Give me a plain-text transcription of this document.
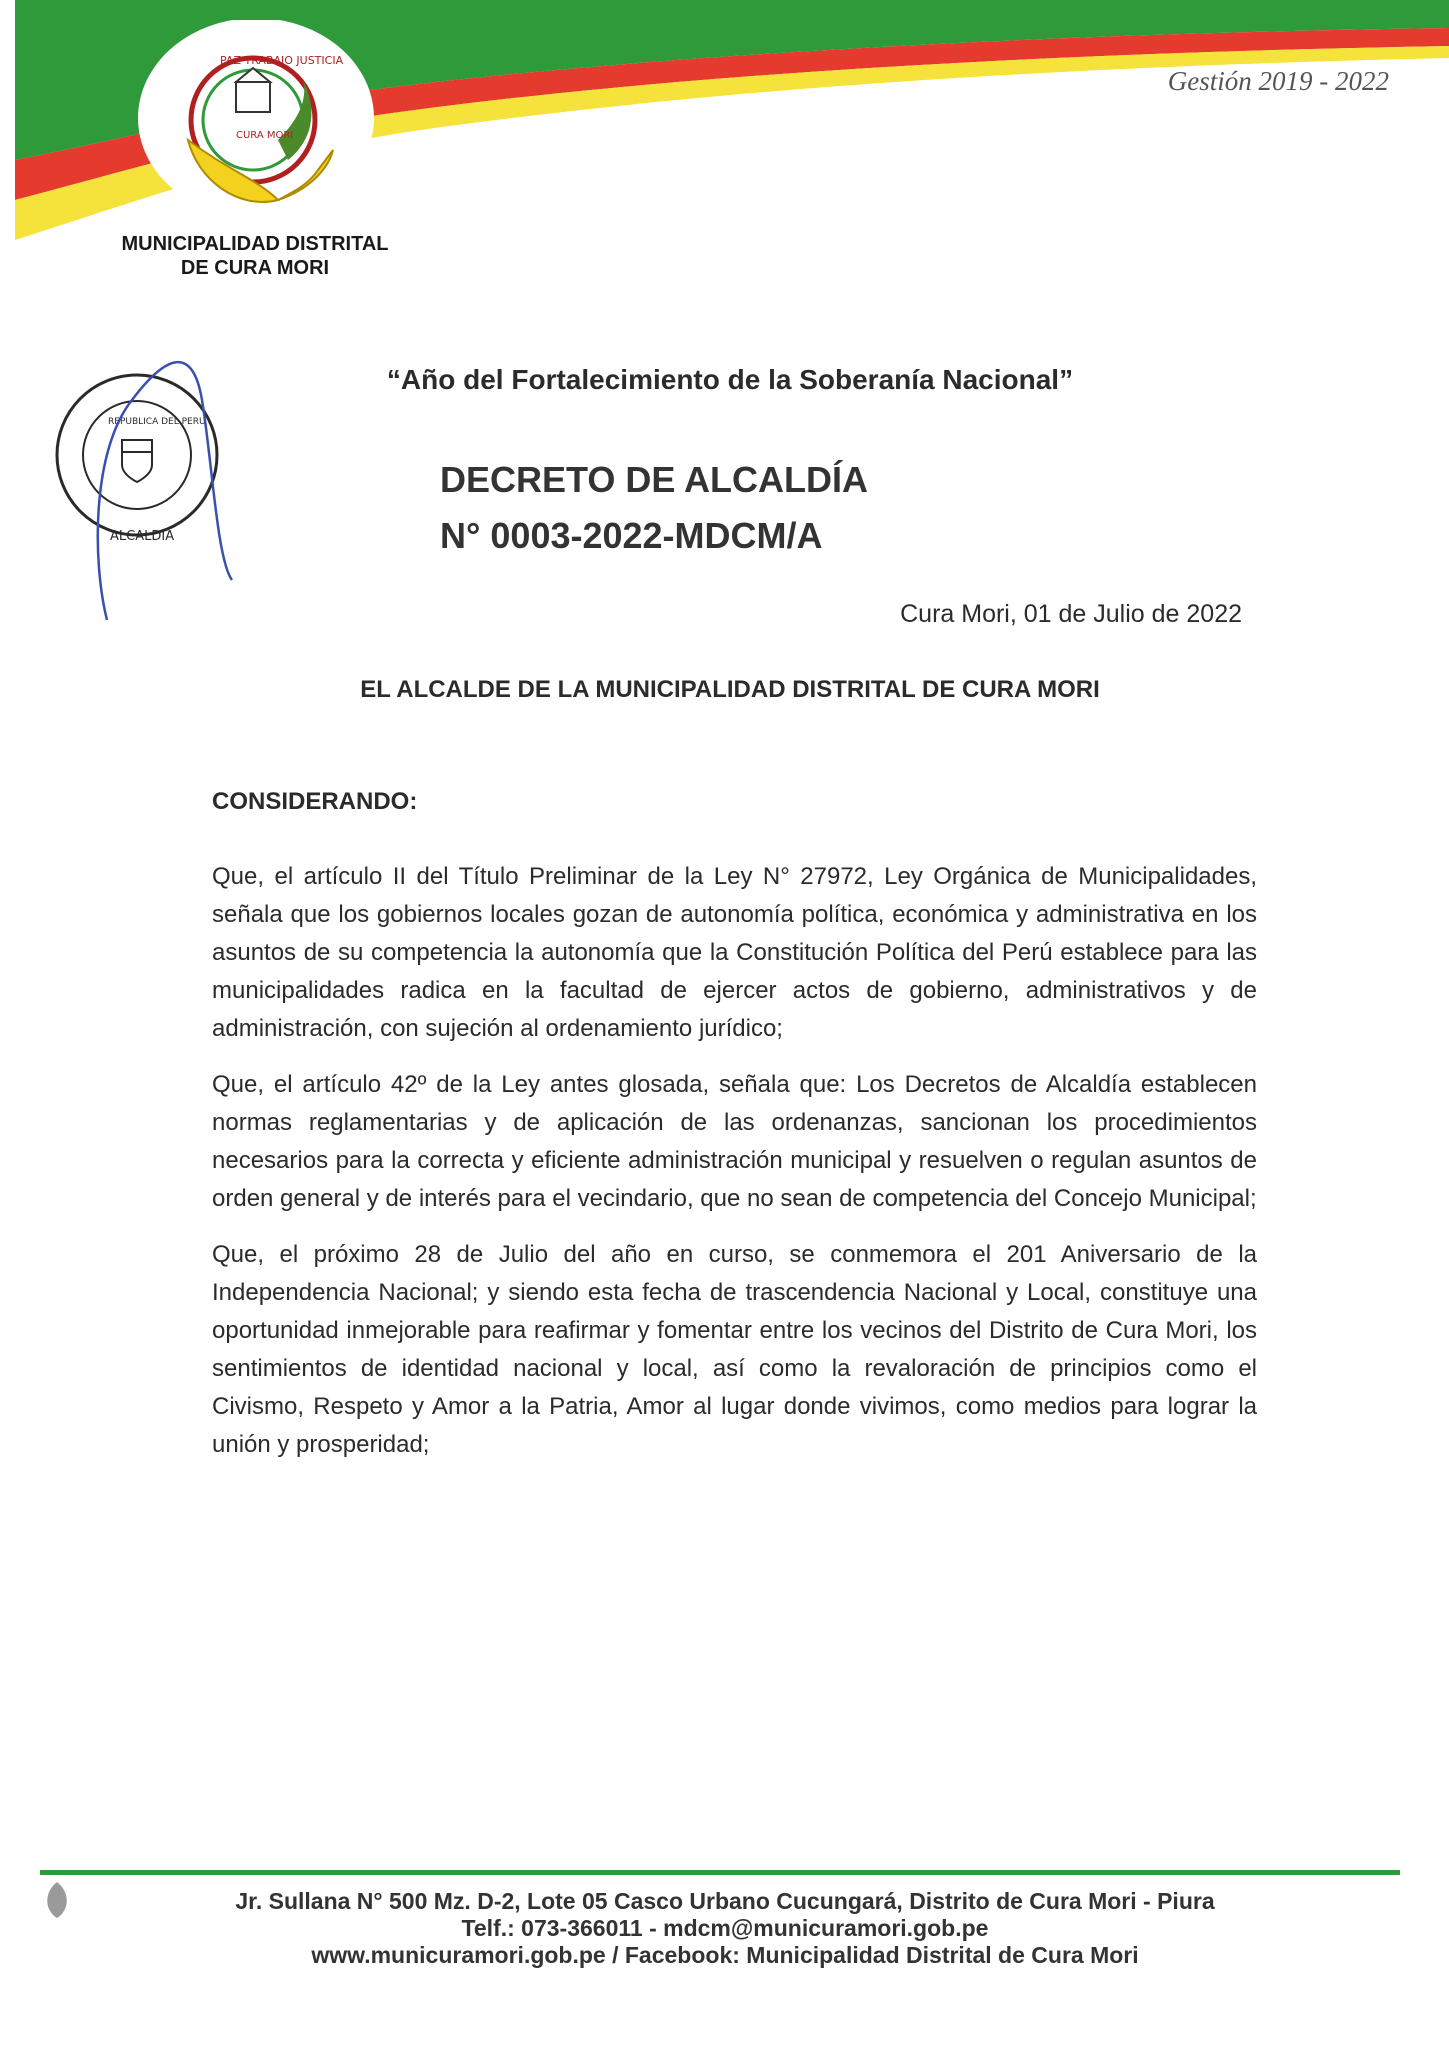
PAZ TRABAJO JUSTICIA
CURA MORI
MUNICIPALIDAD DISTRITAL
DE CURA MORI
Gestión 2019 - 2022
REPUBLICA DEL PERU
ALCALDIA
“Año del Fortalecimiento de la Soberanía Nacional”
DECRETO DE ALCALDÍA
N° 0003-2022-MDCM/A
Cura Mori, 01 de Julio de 2022
EL ALCALDE DE LA MUNICIPALIDAD DISTRITAL DE CURA MORI
CONSIDERANDO:

Que, el artículo II del Título Preliminar de la Ley N° 27972, Ley Orgánica de Municipalidades, señala que los gobiernos locales gozan de autonomía política, económica y administrativa en los asuntos de su competencia la autonomía que la Constitución Política del Perú establece para las municipalidades radica en la facultad de ejercer actos de gobierno, administrativos y de administración, con sujeción al ordenamiento jurídico;

Que, el artículo 42º de la Ley antes glosada, señala que: Los Decretos de Alcaldía establecen normas reglamentarias y de aplicación de las ordenanzas, sancionan los procedimientos necesarios para la correcta y eficiente administración municipal y resuelven o regulan asuntos de orden general y de interés para el vecindario, que no sean de competencia del Concejo Municipal;

Que, el próximo 28 de Julio del año en curso, se conmemora el 201 Aniversario de la Independencia Nacional; y siendo esta fecha de trascendencia Nacional y Local, constituye una oportunidad inmejorable para reafirmar y fomentar entre los vecinos del Distrito de Cura Mori, los sentimientos de identidad nacional y local, así como la revaloración de principios como el Civismo, Respeto y Amor a la Patria, Amor al lugar donde vivimos, como medios para lograr la unión y prosperidad;

Jr. Sullana N° 500 Mz. D-2, Lote 05 Casco Urbano Cucungará, Distrito de Cura Mori - Piura
Telf.: 073-366011 - mdcm@municuramori.gob.pe
www.municuramori.gob.pe / Facebook: Municipalidad Distrital de Cura Mori
